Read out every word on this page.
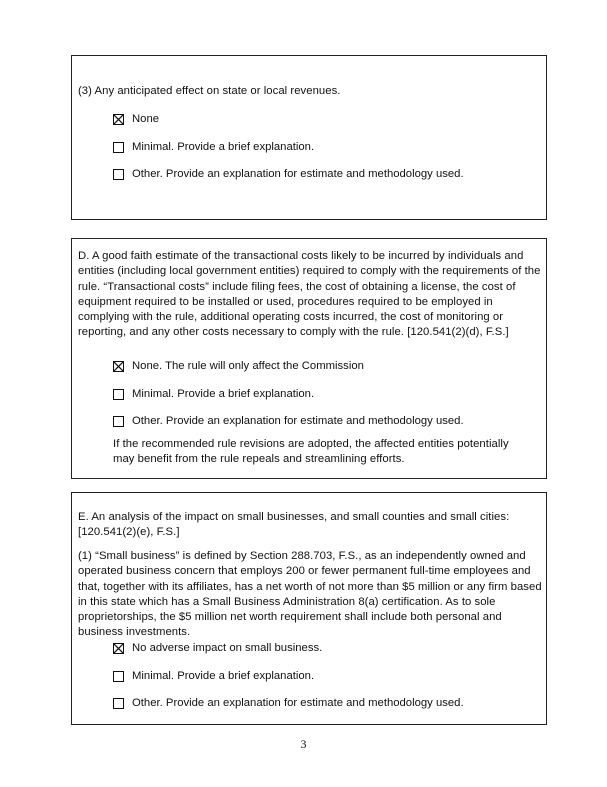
(3) Any anticipated effect on state or local revenues.

None
Minimal. Provide a brief explanation.
Other. Provide an explanation for estimate and methodology used.

D. A good faith estimate of the transactional costs likely to be incurred by individuals and entities (including local government entities) required to comply with the requirements of the rule. “Transactional costs” include filing fees, the cost of obtaining a license, the cost of equipment required to be installed or used, procedures required to be employed in complying with the rule, additional operating costs incurred, the cost of monitoring or reporting, and any other costs necessary to comply with the rule. [120.541(2)(d), F.S.]

None. The rule will only affect the Commission
Minimal. Provide a brief explanation.
Other. Provide an explanation for estimate and methodology used.

If the recommended rule revisions are adopted, the affected entities potentially may benefit from the rule repeals and streamlining efforts.

E. An analysis of the impact on small businesses, and small counties and small cities: [120.541(2)(e), F.S.]

(1) “Small business” is defined by Section 288.703, F.S., as an independently owned and operated business concern that employs 200 or fewer permanent full-time employees and that, together with its affiliates, has a net worth of not more than $5 million or any firm based in this state which has a Small Business Administration 8(a) certification. As to sole proprietorships, the $5 million net worth requirement shall include both personal and business investments.

No adverse impact on small business.
Minimal. Provide a brief explanation.
Other. Provide an explanation for estimate and methodology used.
3
